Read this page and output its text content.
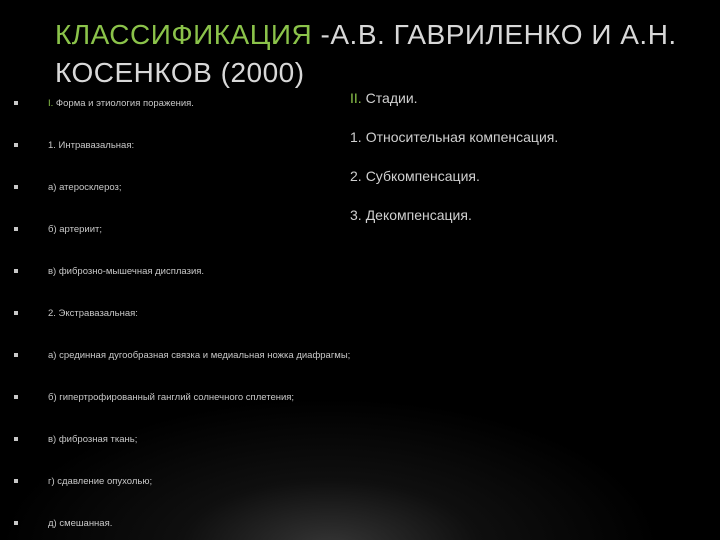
КЛАССИФИКАЦИЯ -А.В. ГАВРИЛЕНКО И А.Н. КОСЕНКОВ (2000)
I. Форма и этиология поражения.
1. Интравазальная:
а) атеросклероз;
б) артериит;
в) фиброзно-мышечная дисплазия.
2. Экстравазальная:
а) срединная дугообразная связка и медиальная ножка диафрагмы;
б) гипертрофированный ганглий солнечного сплетения;
в) фиброзная ткань;
г) сдавление опухолью;
д) смешанная.
II. Стадии.
1. Относительная компенсация.
2. Субкомпенсация.
3. Декомпенсация.
